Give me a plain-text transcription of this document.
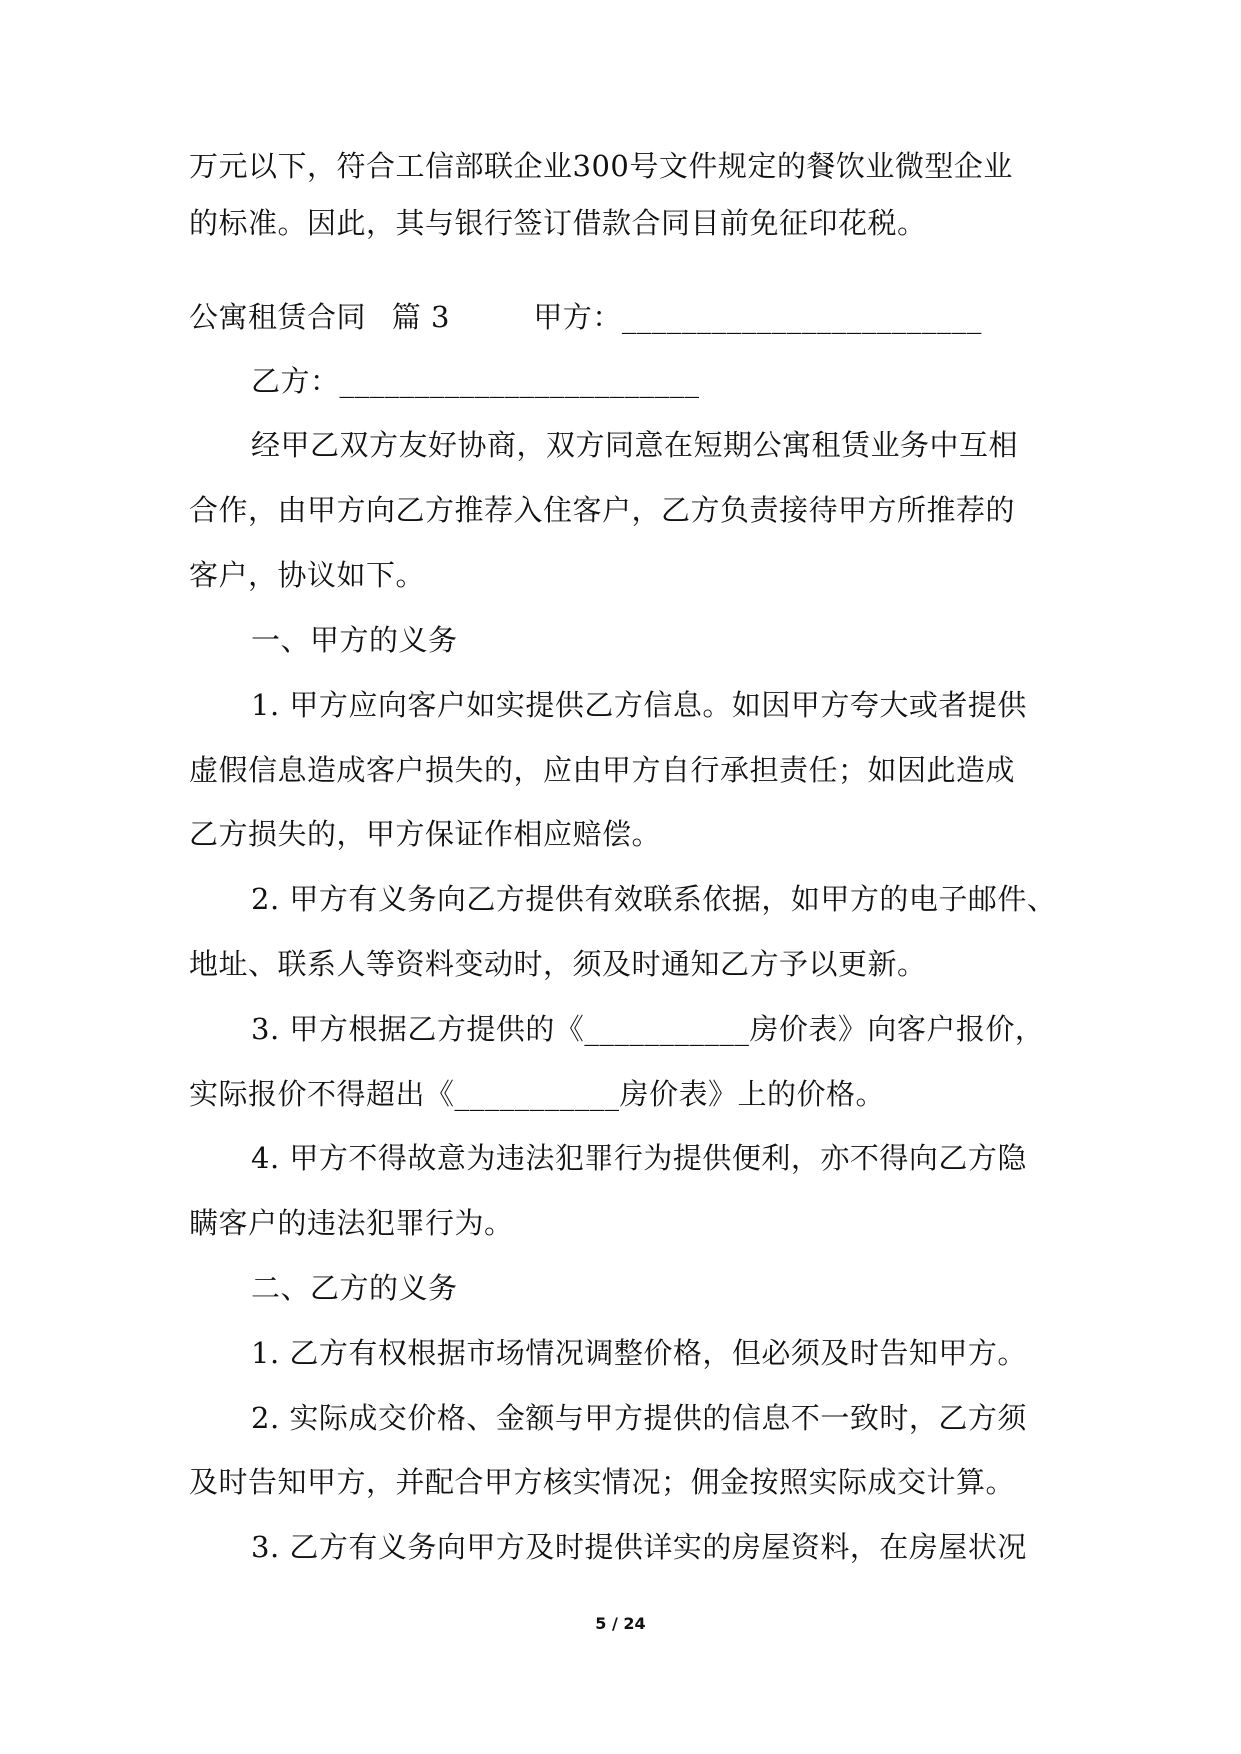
万元以下，符合工信部联企业300号文件规定的餐饮业微型企业
的标准。因此，其与银行签订借款合同目前免征印花税。
公寓租赁合同 篇 3	甲方：________________________
乙方：________________________
经甲乙双方友好协商，双方同意在短期公寓租赁业务中互相
合作，由甲方向乙方推荐入住客户，乙方负责接待甲方所推荐的
客户，协议如下。
一、甲方的义务
1. 甲方应向客户如实提供乙方信息。如因甲方夸大或者提供
虚假信息造成客户损失的，应由甲方自行承担责任；如因此造成
乙方损失的，甲方保证作相应赔偿。
2. 甲方有义务向乙方提供有效联系依据，如甲方的电子邮件、
地址、联系人等资料变动时，须及时通知乙方予以更新。
3. 甲方根据乙方提供的《___________房价表》向客户报价，
实际报价不得超出《___________房价表》上的价格。
4. 甲方不得故意为违法犯罪行为提供便利，亦不得向乙方隐
瞒客户的违法犯罪行为。
二、乙方的义务
1. 乙方有权根据市场情况调整价格，但必须及时告知甲方。
2. 实际成交价格、金额与甲方提供的信息不一致时，乙方须
及时告知甲方，并配合甲方核实情况；佣金按照实际成交计算。
3. 乙方有义务向甲方及时提供详实的房屋资料，在房屋状况
5 / 24
